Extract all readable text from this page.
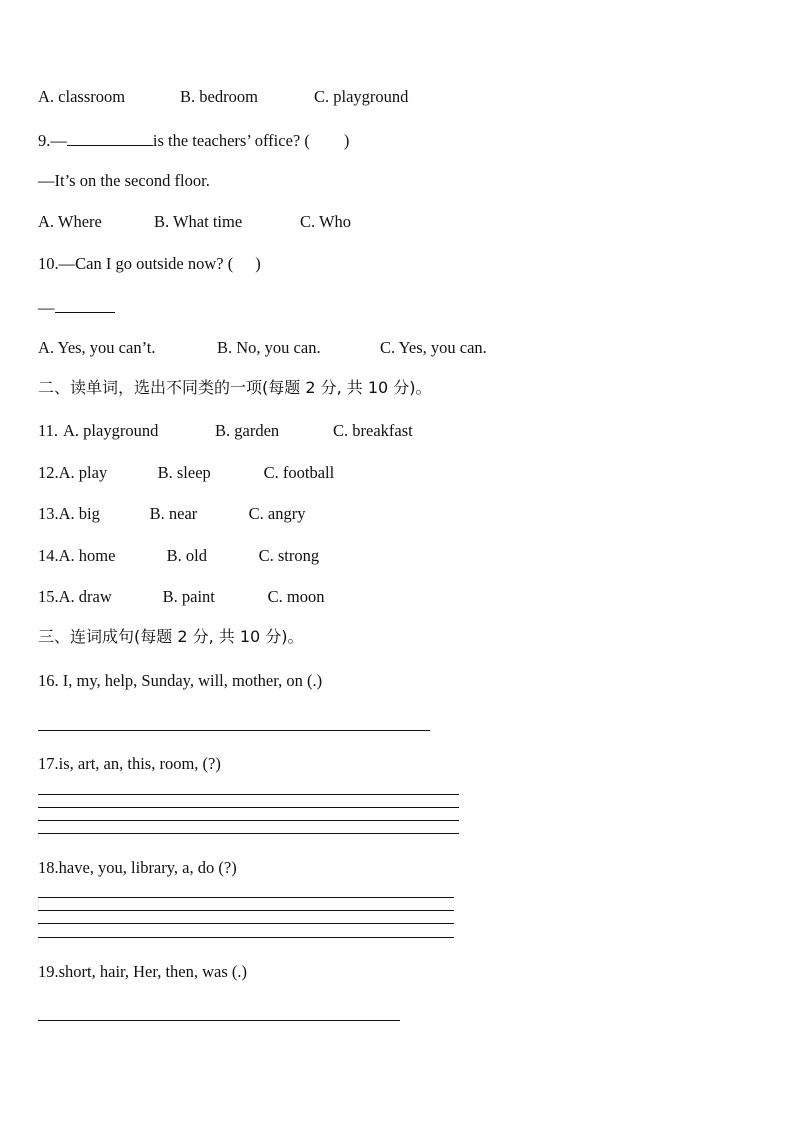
A. classroom	B. bedroom	C. playground
9.—	is the teachers’ office? ( )
—It’s on the second floor.
A. Where	B. What time	C. Who
10.—Can I go outside now? ( )
—
A. Yes, you can’t.	B. No, you can.	C. Yes, you can.
二、读单词，选出不同类的一项(每题 2 分, 共 10 分)。
11. A. playground	B. garden	C. breakfast
12.A. play	B. sleep	C. football
13.A. big	B. near	C. angry
14.A. home	B. old	C. strong
15.A. draw	B. paint	C. moon
三、连词成句(每题 2 分, 共 10 分)。
16. I, my, help, Sunday, will, mother, on (.)
17.is, art, an, this, room, (?)
18.have, you, library, a, do (?)
19.short, hair, Her, then, was (.)
